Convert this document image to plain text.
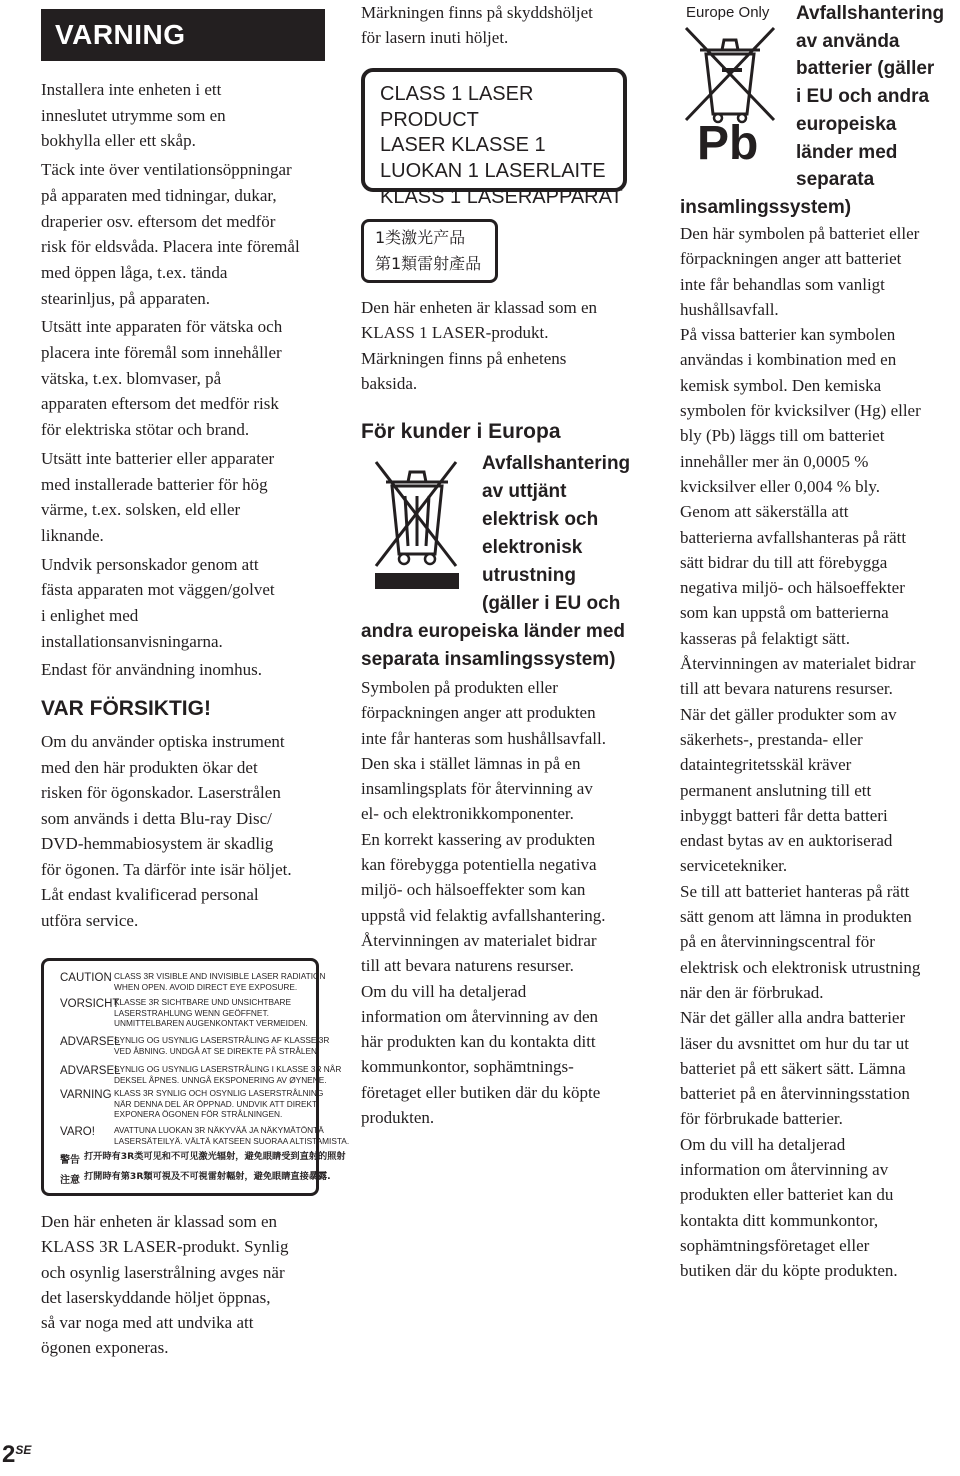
VARNING
Installera inte enheten i ett
inneslutet utrymme som en
bokhylla eller ett skåp.
Täck inte över ventilationsöppningar
på apparaten med tidningar, dukar,
draperier osv. eftersom det medför
risk för eldsvåda. Placera inte föremål
med öppen låga, t.ex. tända
stearinljus, på apparaten.
Utsätt inte apparaten för vätska och
placera inte föremål som innehåller
vätska, t.ex. blomvaser, på
apparaten eftersom det medför risk
för elektriska stötar och brand.
Utsätt inte batterier eller apparater
med installerade batterier för hög
värme, t.ex. solsken, eld eller
liknande.
Undvik personskador genom att
fästa apparaten mot väggen/golvet
i enlighet med
installationsanvisningarna.
Endast för användning inomhus.
VAR FÖRSIKTIG!
Om du använder optiska instrument
med den här produkten ökar det
risken för ögonskador. Laserstrålen
som används i detta Blu-ray Disc/
DVD-hemmabiosystem är skadlig
för ögonen. Ta därför inte isär höljet.
Låt endast kvalificerad personal
utföra service.
CAUTION CLASS 3R VISIBLE AND INVISIBLE LASER RADIATION
WHEN OPEN. AVOID DIRECT EYE EXPOSURE.
VORSICHT
KLASSE 3R SICHTBARE UND UNSICHTBARE
LASERSTRAHLUNG WENN GEÖFFNET.
UNMITTELBAREN AUGENKONTAKT VERMEIDEN.
ADVARSEL
SYNLIG OG USYNLIG LASERSTRÅLING AF KLASSE 3R
VED ÅBNING. UNDGÅ AT SE DIREKTE PÅ STRÅLEN.
ADVARSEL
SYNLIG OG USYNLIG LASERSTRÅLING I KLASSE 3R NÅR
DEKSEL ÅPNES. UNNGÅ EKSPONERING AV ØYNENE.
VARNING KLASS 3R SYNLIG OCH OSYNLIG LASERSTRÅLNING
NÄR DENNA DEL ÄR ÖPPNAD. UNDVIK ATT DIREKT
EXPONERA ÖGONEN FÖR STRÅLNINGEN.
VARO! AVATTUNA LUOKAN 3R NÄKYVÄÄ JA NÄKYMÄTÖNTÄ
LASERSÄTEILYÄ. VÄLTÄ KATSEEN SUORAA ALTISTAMISTA.
警告 打开時有3R类可见和不可见激光辐射，避免眼睛受到直射的照射
注意 打開時有第3R類可視及不可視雷射輻射，避免眼睛直接暴露.
Den här enheten är klassad som en
KLASS 3R LASER-produkt. Synlig
och osynlig laserstrålning avges när
det laserskyddande höljet öppnas,
så var noga med att undvika att
ögonen exponeras.
$2^{SE}$
Märkningen finns på skyddshöljet
för lasern inuti höljet.
CLASS 1 LASER PRODUCT
LASER KLASSE 1
LUOKAN 1 LASERLAITE
KLASS 1 LASERAPPARAT
1类激光产品
第1類雷射產品
Den här enheten är klassad som en
KLASS 1 LASER-produkt.
Märkningen finns på enhetens
baksida.
För kunder i Europa
Avfallshantering
av uttjänt
elektrisk och
elektronisk
utrustning
(gäller i EU och
andra europeiska länder med
separata insamlingssystem)
Symbolen på produkten eller
förpackningen anger att produkten
inte får hanteras som hushållsavfall.
Den ska i stället lämnas in på en
insamlingsplats för återvinning av
el- och elektronikkomponenter.
En korrekt kassering av produkten
kan förebygga potentiella negativa
miljö- och hälsoeffekter som kan
uppstå vid felaktig avfallshantering.
Återvinningen av materialet bidrar
till att bevara naturens resurser.
Om du vill ha detaljerad
information om återvinning av den
här produkten kan du kontakta ditt
kommunkontor, sophämtnings-
företaget eller butiken där du köpte
produkten.
Europe Only
Pb
Avfallshantering
av använda
batterier (gäller
i EU och andra
europeiska
länder med
separata
insamlingssystem)
Den här symbolen på batteriet eller
förpackningen anger att batteriet
inte får behandlas som vanligt
hushållsavfall.
På vissa batterier kan symbolen
användas i kombination med en
kemisk symbol. Den kemiska
symbolen för kvicksilver (Hg) eller
bly (Pb) läggs till om batteriet
innehåller mer än 0,0005 %
kvicksilver eller 0,004 % bly.
Genom att säkerställa att
batterierna avfallshanteras på rätt
sätt bidrar du till att förebygga
negativa miljö- och hälsoeffekter
som kan uppstå om batterierna
kasseras på felaktigt sätt.
Återvinningen av materialet bidrar
till att bevara naturens resurser.
När det gäller produkter som av
säkerhets-, prestanda- eller
dataintegritetsskäl kräver
permanent anslutning till ett
inbyggt batteri får detta batteri
endast bytas av en auktoriserad
servicetekniker.
Se till att batteriet hanteras på rätt
sätt genom att lämna in produkten
på en återvinningscentral för
elektrisk och elektronisk utrustning
när den är förbrukad.
När det gäller alla andra batterier
läser du avsnittet om hur du tar ut
batteriet på ett säkert sätt. Lämna
batteriet på en återvinningsstation
för förbrukade batterier.
Om du vill ha detaljerad
information om återvinning av
produkten eller batteriet kan du
kontakta ditt kommunkontor,
sophämtningsföretaget eller
butiken där du köpte produkten.
